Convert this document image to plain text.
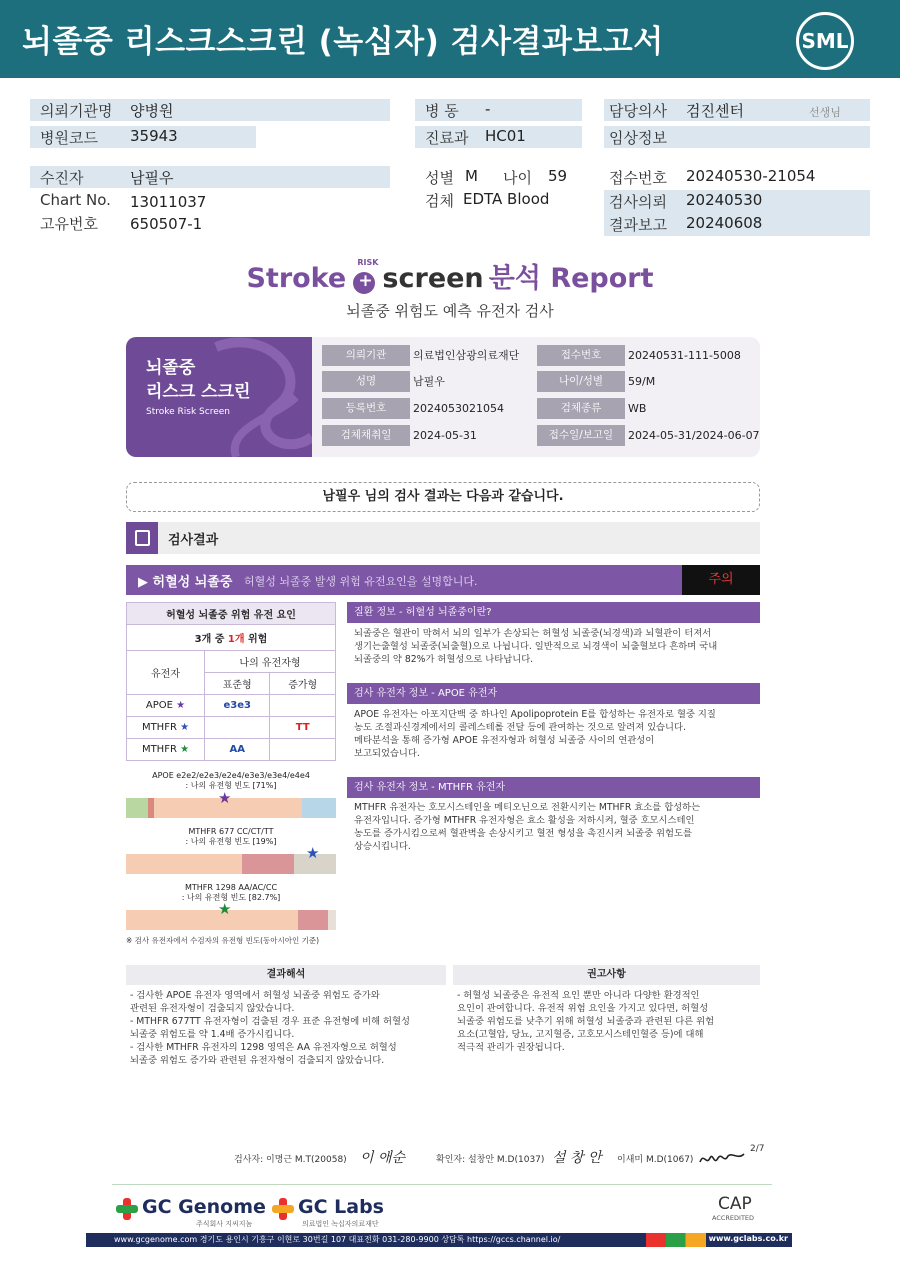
뇌졸중 리스크스크린 (녹십자) 검사결과보고서	SML
의뢰기관명 양병원
병원코드 35943
병 동 -
진료과 HC01
담당의사 검진센터	선생님
임상정보
수진자	남필우
Chart No. 13011037
고유번호 650507-1
성별 M 나이 59
검체 EDTA Blood
접수번호 20240530-21054
검사의뢰 20240530
결과보고 20240608
Stroke +
RISK
screen 분석 Report
뇌졸중 위험도 예측 유전자 검사
뇌졸중
리스크 스크린
Stroke Risk Screen
의뢰기관	의료법인삼광의료재단	접수번호	20240531-111-5008
성명	남필우	나이/성별	59/M
등록번호	2024053021054	검체종류	WB
검체채취일	2024-05-31	접수일/보고일	2024-05-31/2024-06-07
남필우 님의 검사 결과는 다음과 같습니다.
검사결과
▶ 허혈성 뇌졸중 허혈성 뇌졸중 발생 위험 유전요인을 설명합니다.	주의
허혈성 뇌졸중 위험 유전 요인		
3개 중 1개 위험		
유전자	나의 유전자형	
	표준형	증가형
APOE ★	e3e3	
MTHFR ★		TT
MTHFR ★	AA	
APOE e2e2/e2e3/e2e4/e3e3/e3e4/e4e4
: 나의 유전형 빈도 [71%]
★
MTHFR 677 CC/CT/TT
: 나의 유전형 빈도 [19%]
★
MTHFR 1298 AA/AC/CC
: 나의 유전형 빈도 [82.7%]
★
※ 검사 유전자에서 수검자의 유전형 빈도(동아시아인 기준)
질환 정보 - 허혈성 뇌졸중이란?
뇌졸중은 혈관이 막혀서 뇌의 일부가 손상되는 허혈성 뇌졸중(뇌경색)과 뇌혈관이 터져서
생기는출혈성 뇌졸중(뇌출혈)으로 나뉩니다. 일반적으로 뇌경색이 뇌출혈보다 흔하며 국내
뇌졸중의 약 82%가 허혈성으로 나타납니다.
검사 유전자 정보 - APOE 유전자
APOE 유전자는 아포지단백 중 하나인 Apolipoprotein E를 합성하는 유전자로 혈중 지질
농도 조절과신경계에서의 콜레스테롤 전달 등에 관여하는 것으로 알려져 있습니다.
메타분석을 통해 증가형 APOE 유전자형과 허혈성 뇌졸중 사이의 연관성이
보고되었습니다.
검사 유전자 정보 - MTHFR 유전자
MTHFR 유전자는 호모시스테인을 메티오닌으로 전환시키는 MTHFR 효소를 합성하는
유전자입니다. 증가형 MTHFR 유전자형은 효소 활성을 저하시켜, 혈중 호모시스테인
농도를 증가시킴으로써 혈관벽을 손상시키고 혈전 형성을 촉진시켜 뇌졸중 위험도를
상승시킵니다.
결과해석
- 검사한 APOE 유전자 영역에서 허혈성 뇌졸중 위험도 증가와
관련된 유전자형이 검출되지 않았습니다.
- MTHFR 677TT 유전자형이 검출된 경우 표준 유전형에 비해 허혈성
뇌졸중 위험도를 약 1.4배 증가시킵니다.
- 검사한 MTHFR 유전자의 1298 영역은 AA 유전자형으로 허혈성
뇌졸중 위험도 증가와 관련된 유전자형이 검출되지 않았습니다.
권고사항
- 허혈성 뇌졸중은 유전적 요인 뿐만 아니라 다양한 환경적인
요인이 관여합니다. 유전적 위험 요인을 가지고 있다면, 허혈성
뇌졸중 위험도를 낮추기 위해 허혈성 뇌졸중과 관련된 다른 위험
요소(고혈압, 당뇨, 고지혈증, 고호모시스테인혈증 등)에 대해
적극적 관리가 권장됩니다.
검사자: 이명근 M.T(20058) 이 애순	확인자: 설창안 M.D(1037) 설 창 안 이새미 M.D(1067)
2/7
GC Genome
주식회사 지씨지놈
GC Labs
의료법인 녹십자의료재단
CAP
ACCREDITED
www.gcgenome.com 경기도 용인시 기흥구 이현로 30번길 107 대표전화 031-280-9900 상담톡 https://gccs.channel.io/	www.gclabs.co.kr
